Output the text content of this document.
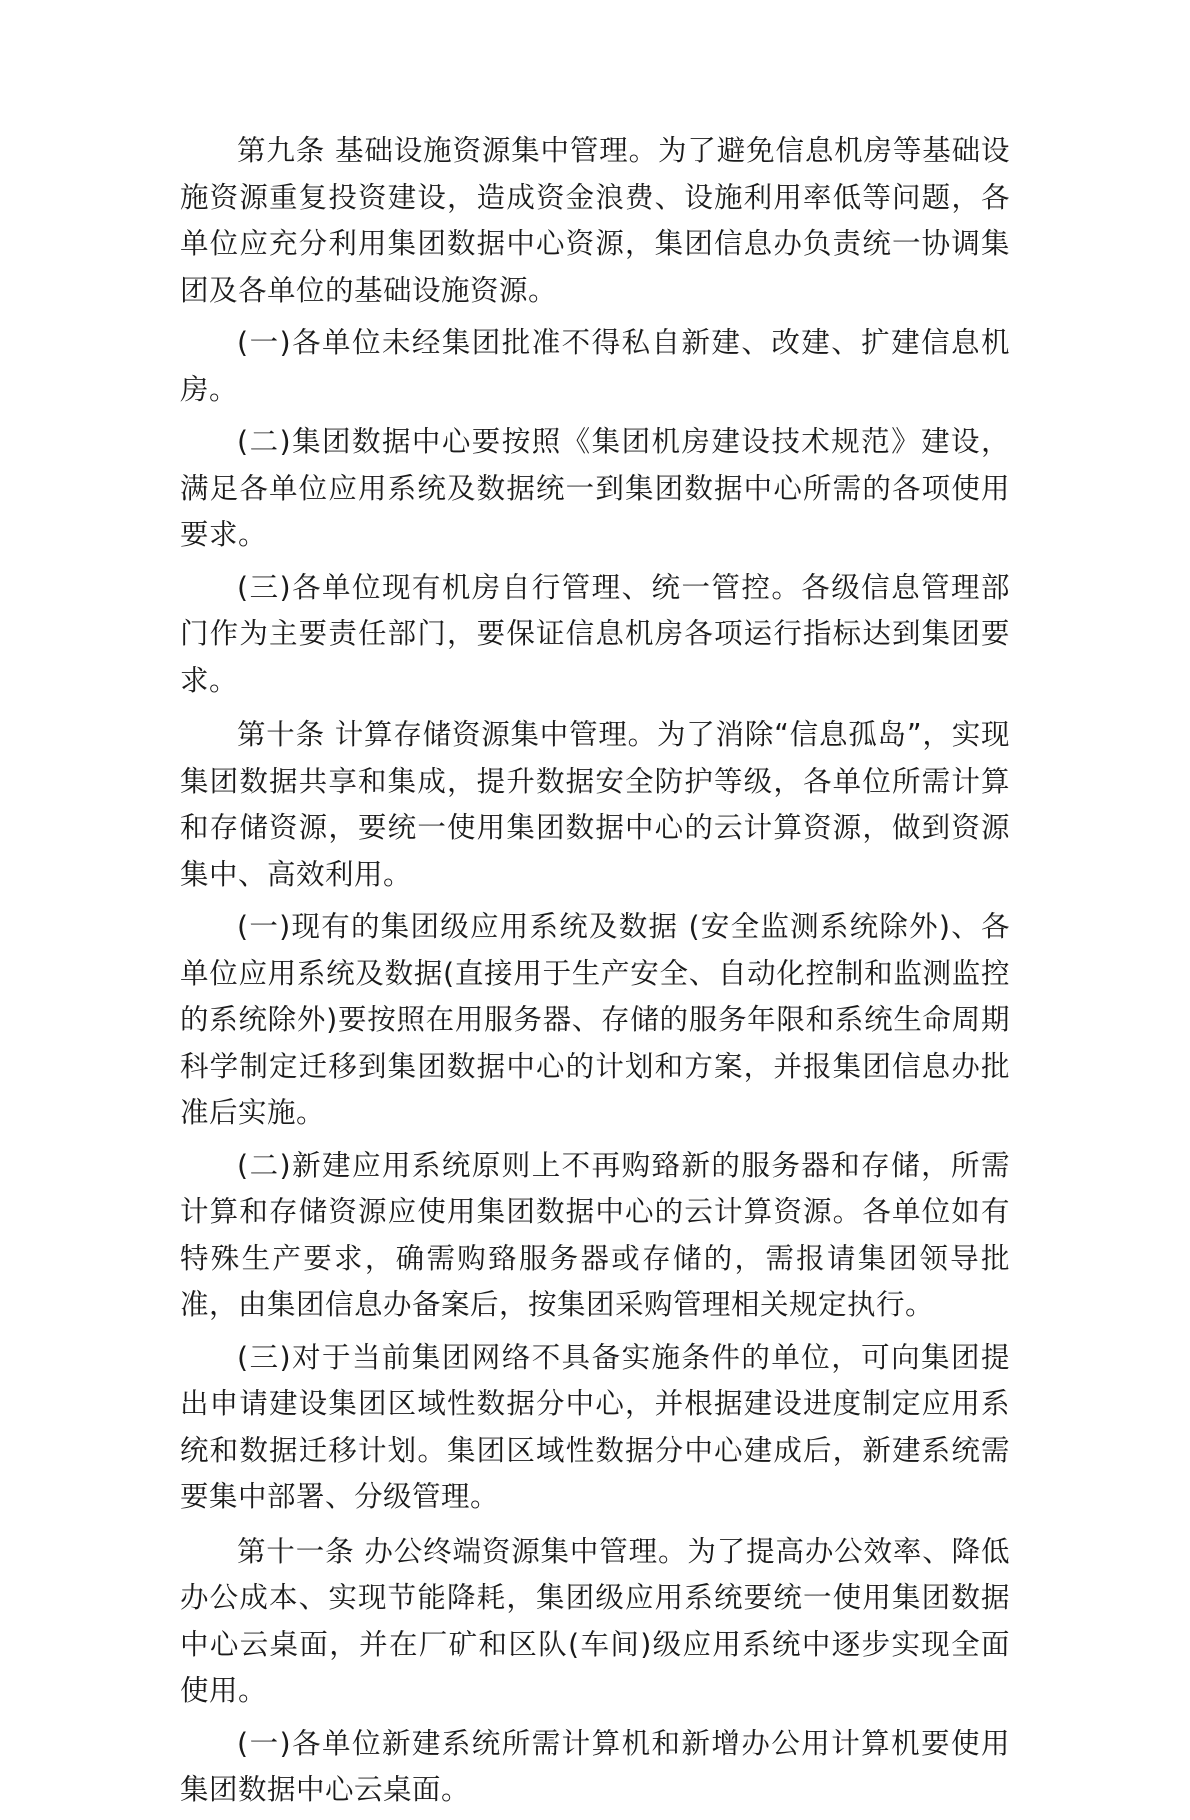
第九条 基础设施资源集中管理。为了避免信息机房等基础设施资源重复投资建设，造成资金浪费、设施利用率低等问题，各单位应充分利用集团数据中心资源，集团信息办负责统一协调集团及各单位的基础设施资源。

(一)各单位未经集团批准不得私自新建、改建、扩建信息机房。

(二)集团数据中心要按照《集团机房建设技术规范》建设，满足各单位应用系统及数据统一到集团数据中心所需的各项使用要求。

(三)各单位现有机房自行管理、统一管控。各级信息管理部门作为主要责任部门，要保证信息机房各项运行指标达到集团要求。

第十条 计算存储资源集中管理。为了消除“信息孤岛”，实现集团数据共享和集成，提升数据安全防护等级，各单位所需计算和存储资源，要统一使用集团数据中心的云计算资源，做到资源集中、高效利用。

(一)现有的集团级应用系统及数据 (安全监测系统除外)、各单位应用系统及数据(直接用于生产安全、自动化控制和监测监控的系统除外)要按照在用服务器、存储的服务年限和系统生命周期科学制定迁移到集团数据中心的计划和方案，并报集团信息办批准后实施。

(二)新建应用系统原则上不再购臵新的服务器和存储，所需计算和存储资源应使用集团数据中心的云计算资源。各单位如有特殊生产要求，确需购臵服务器或存储的，需报请集团领导批准，由集团信息办备案后，按集团采购管理相关规定执行。

(三)对于当前集团网络不具备实施条件的单位，可向集团提出申请建设集团区域性数据分中心，并根据建设进度制定应用系统和数据迁移计划。集团区域性数据分中心建成后，新建系统需要集中部署、分级管理。

第十一条 办公终端资源集中管理。为了提高办公效率、降低办公成本、实现节能降耗，集团级应用系统要统一使用集团数据中心云桌面，并在厂矿和区队(车间)级应用系统中逐步实现全面使用。

(一)各单位新建系统所需计算机和新增办公用计算机要使用集团数据中心云桌面。
